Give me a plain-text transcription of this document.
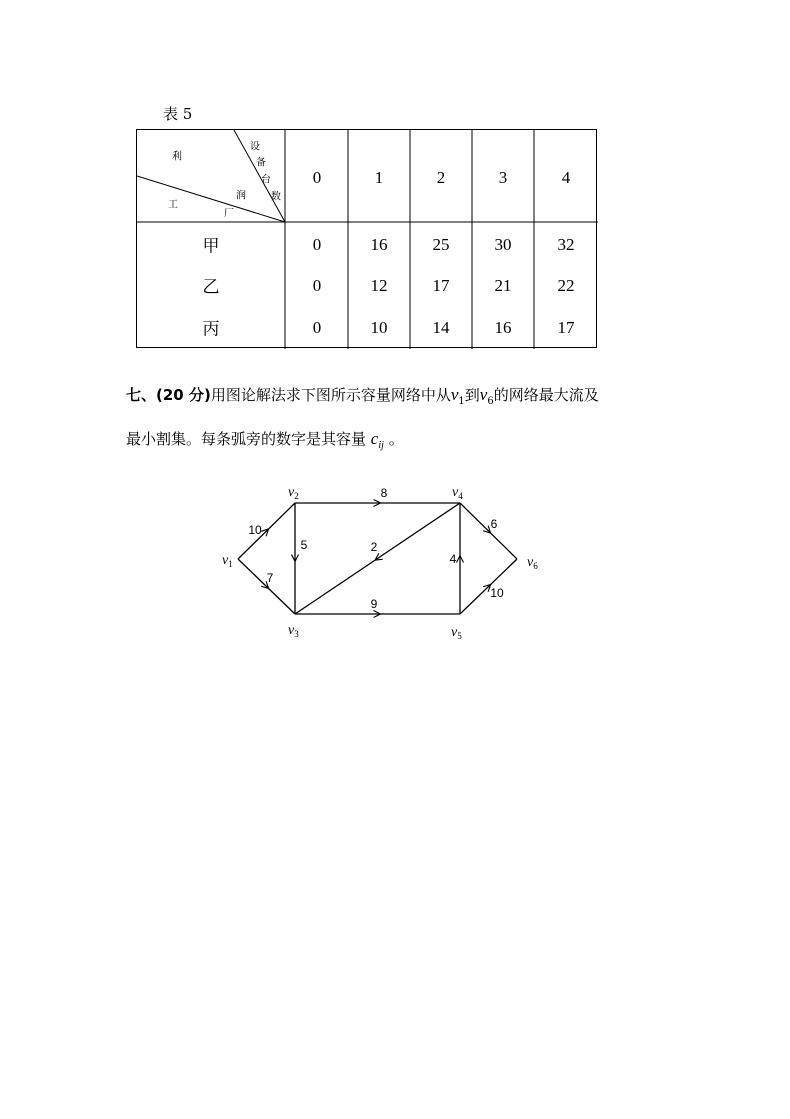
表 5
设
备
台
数
利
润
工
厂
0	1	2	3	4
甲	0	16	25	30	32
乙	0	12	17	21	22
丙	0	10	14	16	17
七、(20 分)用图论解法求下图所示容量网络中从$v_1$到$v_6$的网络最大流及
最小割集。每条弧旁的数字是其容量 $c_{ij}$ 。
10
7
8
5	2
9
4
6
10
$v_1$
$v_2$
$v_3$
$v_4$
$v_5$
$v_6$
